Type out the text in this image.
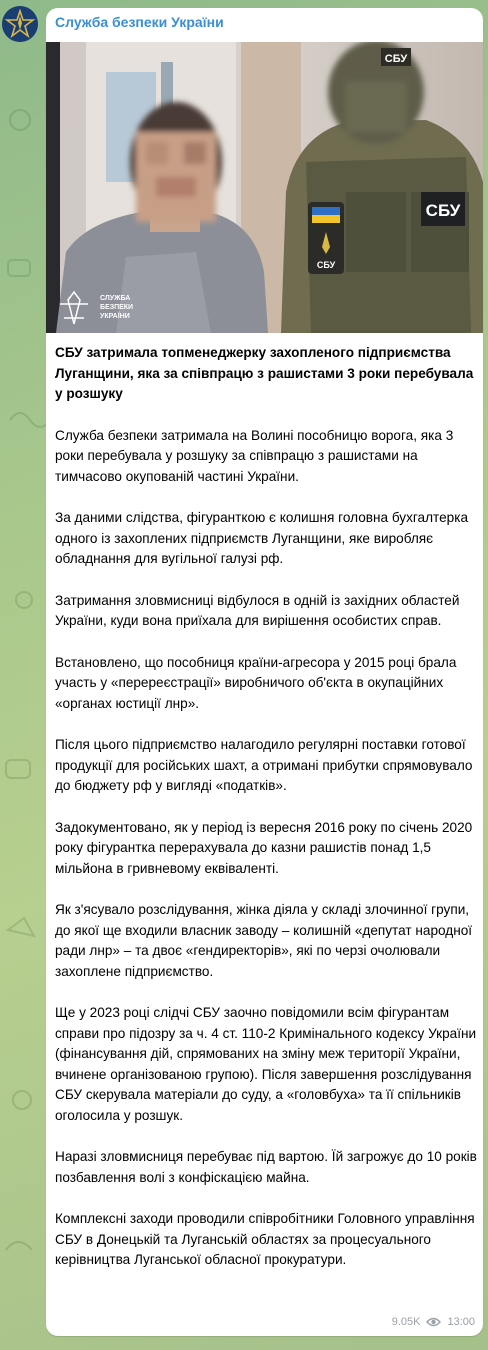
Служба безпеки України
СБУ
СБУ
СБУ
СЛУЖБА
БЕЗПЕКИ
УКРАЇНИ
СБУ затримала топменеджерку захопленого підприємства Луганщини, яка за співпрацю з рашистами 3 роки перебувала у розшуку
Служба безпеки затримала на Волині пособницю ворога, яка 3 роки перебувала у розшуку за співпрацю з рашистами на тимчасово окупованій частині України.
За даними слідства, фігуранткою є колишня головна бухгалтерка одного із захоплених підприємств Луганщини, яке виробляє обладнання для вугільної галузі рф.
Затримання зловмисниці відбулося в одній із західних областей України, куди вона приїхала для вирішення особистих справ.
Встановлено, що пособниця країни-агресора у 2015 році брала участь у «перереєстрації» виробничого об'єкта в окупаційних «органах юстиції лнр».
Після цього підприємство налагодило регулярні поставки готової продукції для російських шахт, а отримані прибутки спрямовувало до бюджету рф у вигляді «податків».
Задокументовано, як у період із вересня 2016 року по січень 2020 року фігурантка перерахувала до казни рашистів понад 1,5 мільйона в гривневому еквіваленті.
Як з'ясувало розслідування, жінка діяла у складі злочинної групи, до якої ще входили власник заводу – колишній «депутат народної ради лнр» – та двоє «гендиректорів», які по черзі очолювали захоплене підприємство.
Ще у 2023 році слідчі СБУ заочно повідомили всім фігурантам справи про підозру за ч. 4 ст. 110-2 Кримінального кодексу України (фінансування дій, спрямованих на зміну меж території України, вчинене організованою групою). Після завершення розслідування СБУ скерувала матеріали до суду, а «головбуха» та її спільників оголосила у розшук.
Наразі зловмисниця перебуває під вартою. Їй загрожує до 10 років позбавлення волі з конфіскацією майна.
Комплексні заходи проводили співробітники Головного управління СБУ в Донецькій та Луганській областях за процесуального керівництва Луганської обласної прокуратури.
9.05K 13:00
